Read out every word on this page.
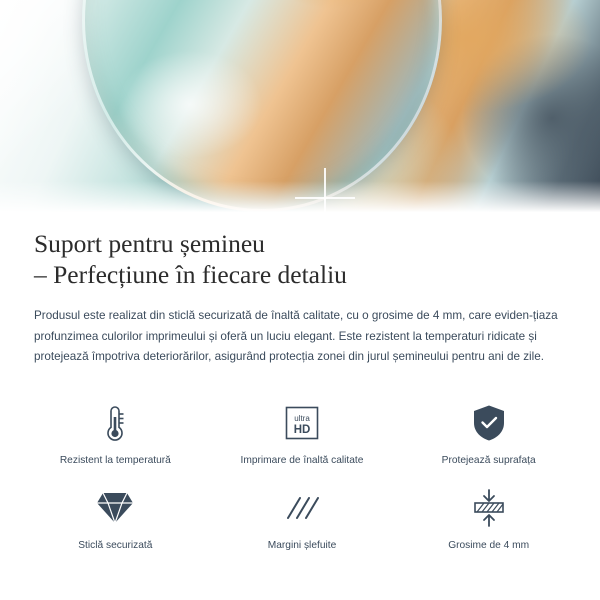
Suport pentru șemineu
– Perfecțiune în fiecare detaliu

Produsul este realizat din sticlă securizată de înaltă calitate, cu o grosime de 4 mm, care eviden-țiaza profunzimea culorilor imprimeului și oferă un luciu elegant. Este rezistent la temperaturi ridicate și protejează împotriva deteriorărilor, asigurând protecția zonei din jurul șemineului pentru ani de zile.

Rezistent la temperatură
ultra
HD
Imprimare de înaltă calitate	Protejează suprafața
Sticlă securizată	Margini șlefuite	Grosime de 4 mm
